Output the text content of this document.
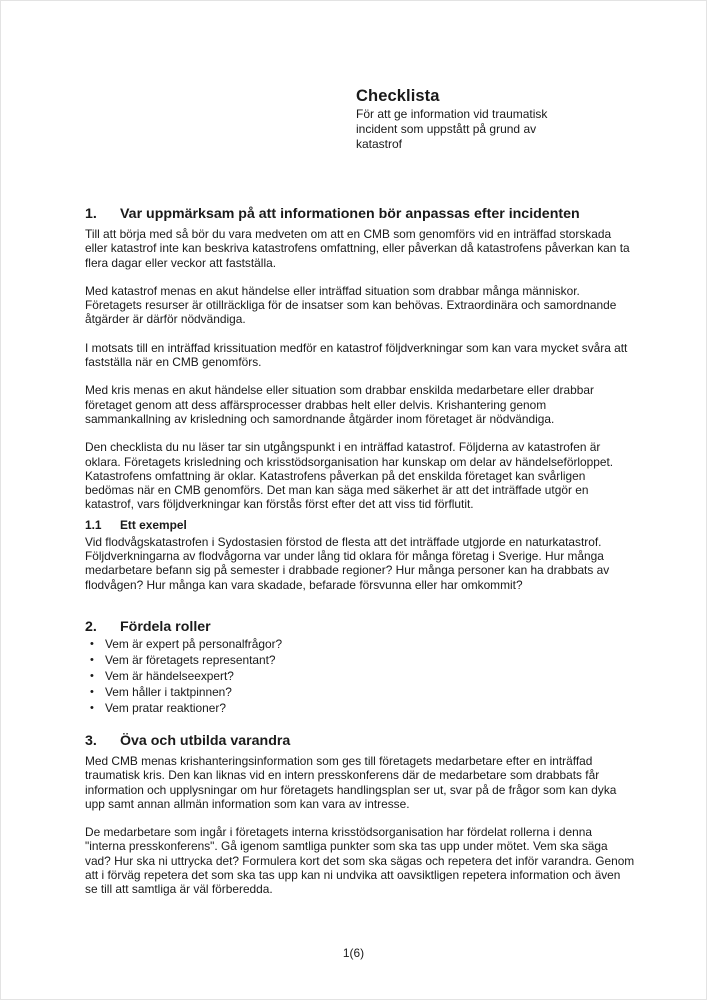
Checklista

För att ge information vid traumatisk incident som uppstått på grund av katastrof

1.	Var uppmärksam på att informationen bör anpassas efter incidenten

Till att börja med så bör du vara medveten om att en CMB som genomförs vid en inträffad storskada eller katastrof inte kan beskriva katastrofens omfattning, eller påverkan då katastrofens påverkan kan ta flera dagar eller veckor att fastställa.

Med katastrof menas en akut händelse eller inträffad situation som drabbar många människor. Företagets resurser är otillräckliga för de insatser som kan behövas. Extraordinära och samordnande åtgärder är därför nödvändiga.

I motsats till en inträffad krissituation medför en katastrof följdverkningar som kan vara mycket svåra att fastställa när en CMB genomförs.

Med kris menas en akut händelse eller situation som drabbar enskilda medarbetare eller drabbar företaget genom att dess affärsprocesser drabbas helt eller delvis. Krishantering genom sammankallning av krisledning och samordnande åtgärder inom företaget är nödvändiga.

Den checklista du nu läser tar sin utgångspunkt i en inträffad katastrof. Följderna av katastrofen är oklara. Företagets krisledning och krisstödsorganisation har kunskap om delar av händelseförloppet. Katastrofens omfattning är oklar. Katastrofens påverkan på det enskilda företaget kan svårligen bedömas när en CMB genomförs. Det man kan säga med säkerhet är att det inträffade utgör en katastrof, vars följdverkningar kan förstås först efter det att viss tid förflutit.

1.1	Ett exempel

Vid flodvågskatastrofen i Sydostasien förstod de flesta att det inträffade utgjorde en naturkatastrof. Följdverkningarna av flodvågorna var under lång tid oklara för många företag i Sverige. Hur många medarbetare befann sig på semester i drabbade regioner? Hur många personer kan ha drabbats av flodvågen? Hur många kan vara skadade, befarade försvunna eller har omkommit?

2.	Fördela roller
• Vem är expert på personalfrågor?
• Vem är företagets representant?
• Vem är händelseexpert?
• Vem håller i taktpinnen?
• Vem pratar reaktioner?
3.	Öva och utbilda varandra

Med CMB menas krishanteringsinformation som ges till företagets medarbetare efter en inträffad traumatisk kris. Den kan liknas vid en intern presskonferens där de medarbetare som drabbats får information och upplysningar om hur företagets handlingsplan ser ut, svar på de frågor som kan dyka upp samt annan allmän information som kan vara av intresse.

De medarbetare som ingår i företagets interna krisstödsorganisation har fördelat rollerna i denna "interna presskonferens". Gå igenom samtliga punkter som ska tas upp under mötet. Vem ska säga vad? Hur ska ni uttrycka det? Formulera kort det som ska sägas och repetera det inför varandra. Genom att i förväg repetera det som ska tas upp kan ni undvika att oavsiktligen repetera information och även se till att samtliga är väl förberedda.

1(6)
